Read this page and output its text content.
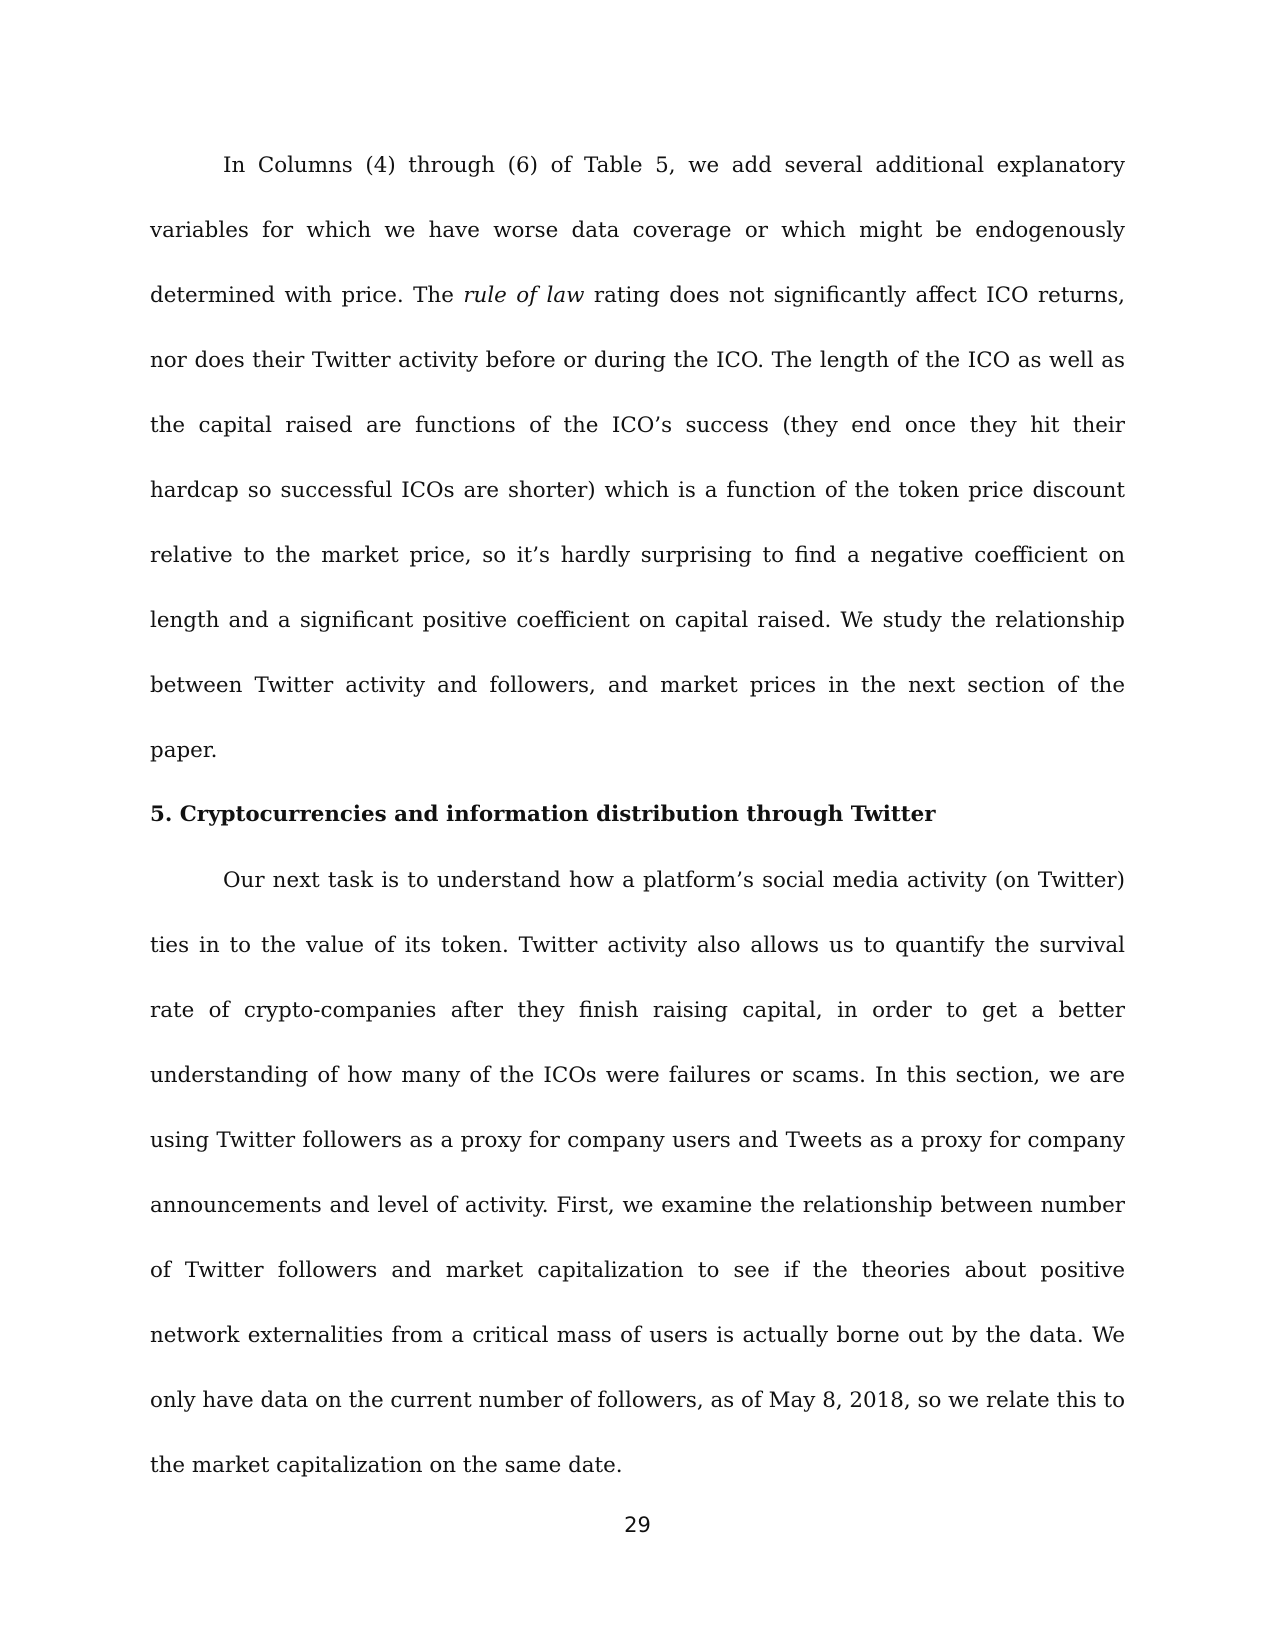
In Columns (4) through (6) of Table 5, we add several additional explanatory variables for which we have worse data coverage or which might be endogenously determined with price. The rule of law rating does not significantly affect ICO returns, nor does their Twitter activity before or during the ICO. The length of the ICO as well as the capital raised are functions of the ICO’s success (they end once they hit their hardcap so successful ICOs are shorter) which is a function of the token price discount relative to the market price, so it’s hardly surprising to find a negative coefficient on length and a significant positive coefficient on capital raised. We study the relationship between Twitter activity and followers, and market prices in the next section of the paper.

5. Cryptocurrencies and information distribution through Twitter

Our next task is to understand how a platform’s social media activity (on Twitter) ties in to the value of its token. Twitter activity also allows us to quantify the survival rate of crypto-companies after they finish raising capital, in order to get a better understanding of how many of the ICOs were failures or scams. In this section, we are using Twitter followers as a proxy for company users and Tweets as a proxy for company announcements and level of activity. First, we examine the relationship between number of Twitter followers and market capitalization to see if the theories about positive network externalities from a critical mass of users is actually borne out by the data. We only have data on the current number of followers, as of May 8, 2018, so we relate this to the market capitalization on the same date.

29
